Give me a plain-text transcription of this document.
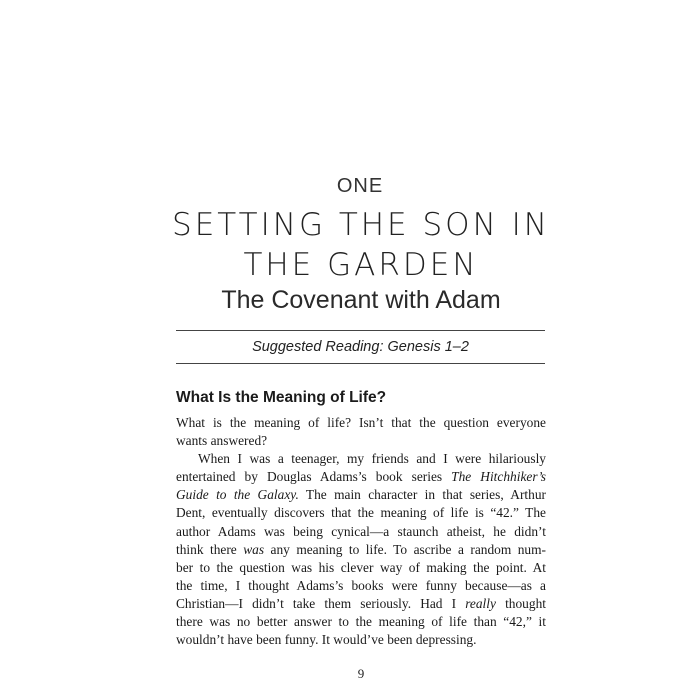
ONE
SETTING THE SON IN
THE GARDEN
The Covenant with Adam
Suggested Reading: Genesis 1–2
What Is the Meaning of Life?

What is the meaning of life? Isn’t that the question everyone
wants answered?

When I was a teenager, my friends and I were hilariously
entertained by Douglas Adams’s book series The Hitchhiker’s
Guide to the Galaxy. The main character in that series, Arthur
Dent, eventually discovers that the meaning of life is “42.” The
author Adams was being cynical—a staunch atheist, he didn’t
think there was any meaning to life. To ascribe a random num-
ber to the question was his clever way of making the point. At
the time, I thought Adams’s books were funny because—as a
Christian—I didn’t take them seriously. Had I really thought
there was no better answer to the meaning of life than “42,” it
wouldn’t have been funny. It would’ve been depressing.

9
